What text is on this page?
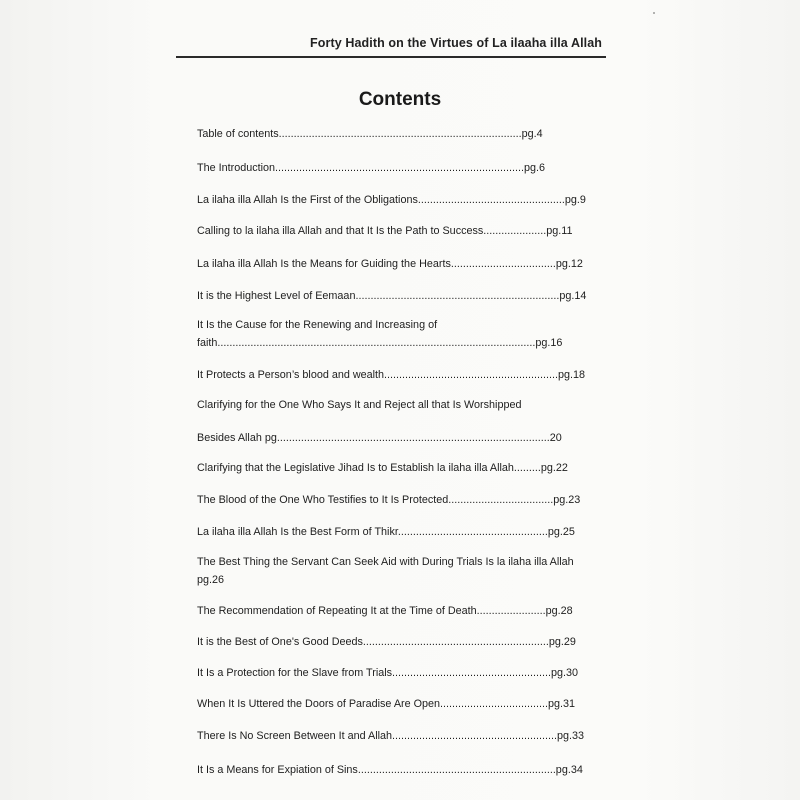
Forty Hadith on the Virtues of La ilaaha illa Allah
Contents
Table of contents.................................................................................pg.4
The Introduction...................................................................................pg.6
La ilaha illa Allah Is the First of the Obligations.................................................pg.9
Calling to la ilaha illa Allah and that It Is the Path to Success.....................pg.11
La ilaha illa Allah Is the Means for Guiding the Hearts...................................pg.12
It is the Highest Level of Eemaan....................................................................pg.14
It Is the Cause for the Renewing and Increasing of
faith..........................................................................................................pg.16
It Protects a Person’s blood and wealth..........................................................pg.18
Clarifying for the One Who Says It and Reject all that Is Worshipped
Besides Allah pg...........................................................................................20
Clarifying that the Legislative Jihad Is to Establish la ilaha illa Allah.........pg.22
The Blood of the One Who Testifies to It Is Protected...................................pg.23
La ilaha illa Allah Is the Best Form of Thikr..................................................pg.25
The Best Thing the Servant Can Seek Aid with During Trials Is la ilaha illa Allah
pg.26
The Recommendation of Repeating It at the Time of Death.......................pg.28
It is the Best of One's Good Deeds..............................................................pg.29
It Is a Protection for the Slave from Trials.....................................................pg.30
When It Is Uttered the Doors of Paradise Are Open....................................pg.31
There Is No Screen Between It and Allah.......................................................pg.33
It Is a Means for Expiation of Sins..................................................................pg.34
